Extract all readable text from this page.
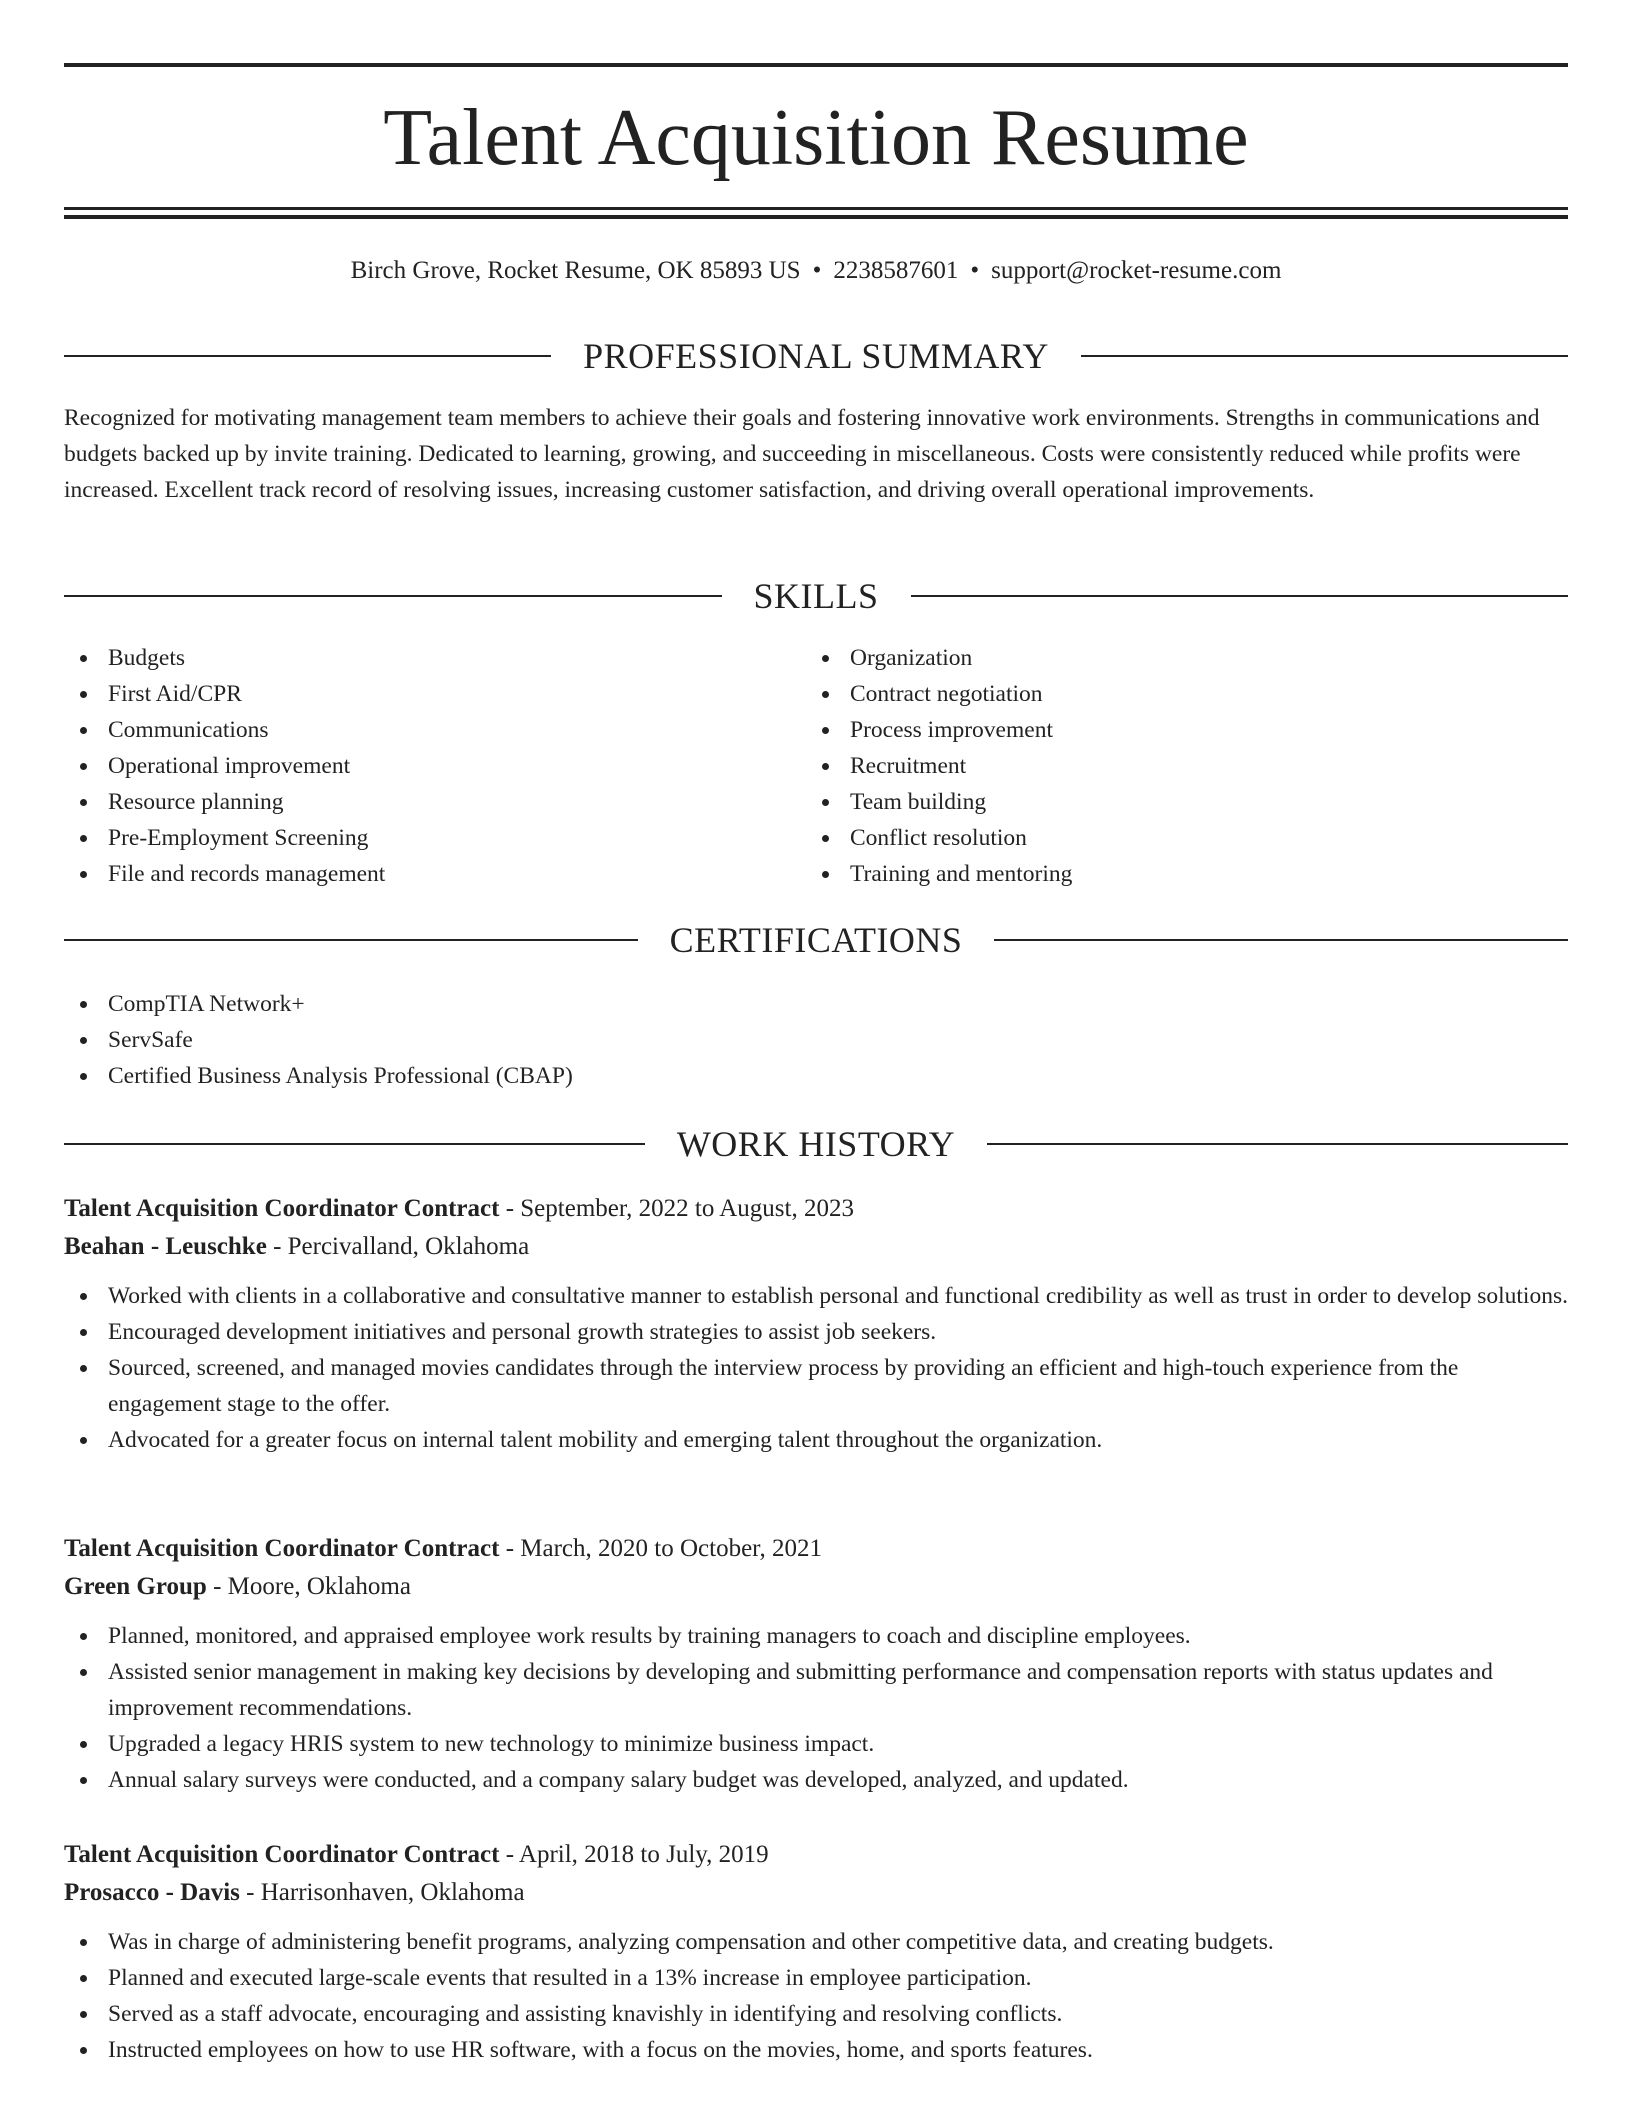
Talent Acquisition Resume
Birch Grove, Rocket Resume, OK 85893 US • 2238587601 • support@rocket-resume.com
PROFESSIONAL SUMMARY
Recognized for motivating management team members to achieve their goals and fostering innovative work environments. Strengths in communications and budgets backed up by invite training. Dedicated to learning, growing, and succeeding in miscellaneous. Costs were consistently reduced while profits were increased. Excellent track record of resolving issues, increasing customer satisfaction, and driving overall operational improvements.
SKILLS
Budgets
First Aid/CPR
Communications
Operational improvement
Resource planning
Pre-Employment Screening
File and records management
Organization
Contract negotiation
Process improvement
Recruitment
Team building
Conflict resolution
Training and mentoring
CERTIFICATIONS
CompTIA Network+
ServSafe
Certified Business Analysis Professional (CBAP)
WORK HISTORY
Talent Acquisition Coordinator Contract - September, 2022 to August, 2023
Beahan - Leuschke - Percivalland, Oklahoma
Worked with clients in a collaborative and consultative manner to establish personal and functional credibility as well as trust in order to develop solutions.
Encouraged development initiatives and personal growth strategies to assist job seekers.
Sourced, screened, and managed movies candidates through the interview process by providing an efficient and high-touch experience from the engagement stage to the offer.
Advocated for a greater focus on internal talent mobility and emerging talent throughout the organization.
Talent Acquisition Coordinator Contract - March, 2020 to October, 2021
Green Group - Moore, Oklahoma
Planned, monitored, and appraised employee work results by training managers to coach and discipline employees.
Assisted senior management in making key decisions by developing and submitting performance and compensation reports with status updates and improvement recommendations.
Upgraded a legacy HRIS system to new technology to minimize business impact.
Annual salary surveys were conducted, and a company salary budget was developed, analyzed, and updated.
Talent Acquisition Coordinator Contract - April, 2018 to July, 2019
Prosacco - Davis - Harrisonhaven, Oklahoma
Was in charge of administering benefit programs, analyzing compensation and other competitive data, and creating budgets.
Planned and executed large-scale events that resulted in a 13% increase in employee participation.
Served as a staff advocate, encouraging and assisting knavishly in identifying and resolving conflicts.
Instructed employees on how to use HR software, with a focus on the movies, home, and sports features.
